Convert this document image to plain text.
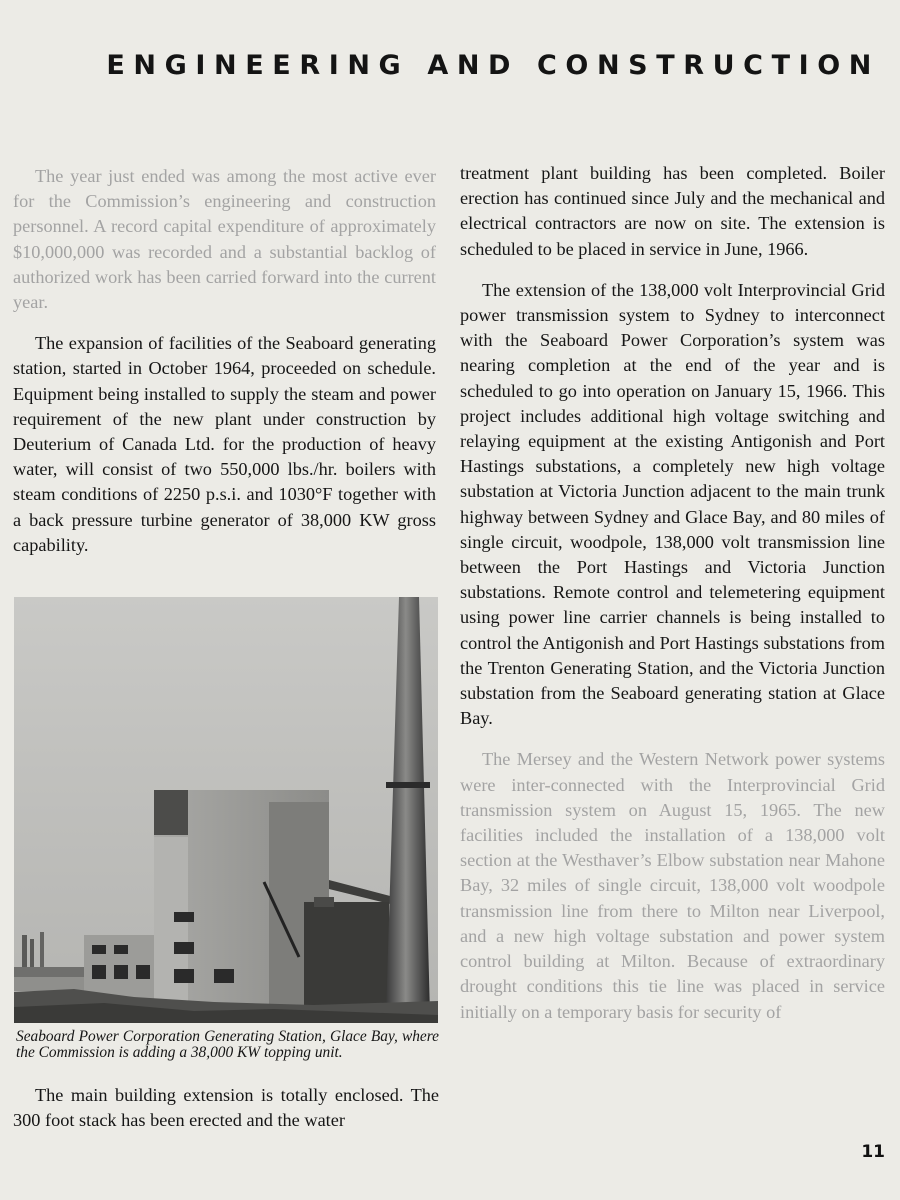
ENGINEERING AND CONSTRUCTION

The year just ended was among the most active ever for the Commission’s engineering and construction personnel. A record capital expenditure of approximately $10,000,000 was recorded and a substantial backlog of authorized work has been carried forward into the current year.

The expansion of facilities of the Seaboard generating station, started in October 1964, proceeded on schedule. Equipment being installed to supply the steam and power requirement of the new plant under construction by Deuterium of Canada Ltd. for the production of heavy water, will consist of two 550,000 lbs./hr. boilers with steam conditions of 2250 p.s.i. and 1030°F together with a back pressure turbine generator of 38,000 KW gross capability.

Seaboard Power Corporation Generating Station, Glace Bay, where the Commission is adding a 38,000 KW topping unit.

The main building extension is totally enclosed. The 300 foot stack has been erected and the water

treatment plant building has been completed. Boiler erection has continued since July and the mechanical and electrical contractors are now on site. The extension is scheduled to be placed in service in June, 1966.

The extension of the 138,000 volt Interprovincial Grid power transmission system to Sydney to interconnect with the Seaboard Power Corporation’s system was nearing completion at the end of the year and is scheduled to go into operation on January 15, 1966. This project includes additional high voltage switching and relaying equipment at the existing Antigonish and Port Hastings substations, a completely new high voltage substation at Victoria Junction adjacent to the main trunk highway between Sydney and Glace Bay, and 80 miles of single circuit, woodpole, 138,000 volt transmission line between the Port Hastings and Victoria Junction substations. Remote control and telemetering equipment using power line carrier channels is being installed to control the Antigonish and Port Hastings substations from the Trenton Generating Station, and the Victoria Junction substation from the Seaboard generating station at Glace Bay.

The Mersey and the Western Network power systems were inter-connected with the Interprovincial Grid transmission system on August 15, 1965. The new facilities included the installation of a 138,000 volt section at the Westhaver’s Elbow substation near Mahone Bay, 32 miles of single circuit, 138,000 volt woodpole transmission line from there to Milton near Liverpool, and a new high voltage substation and power system control building at Milton. Because of extraordinary drought conditions this tie line was placed in service initially on a temporary basis for security of

11
